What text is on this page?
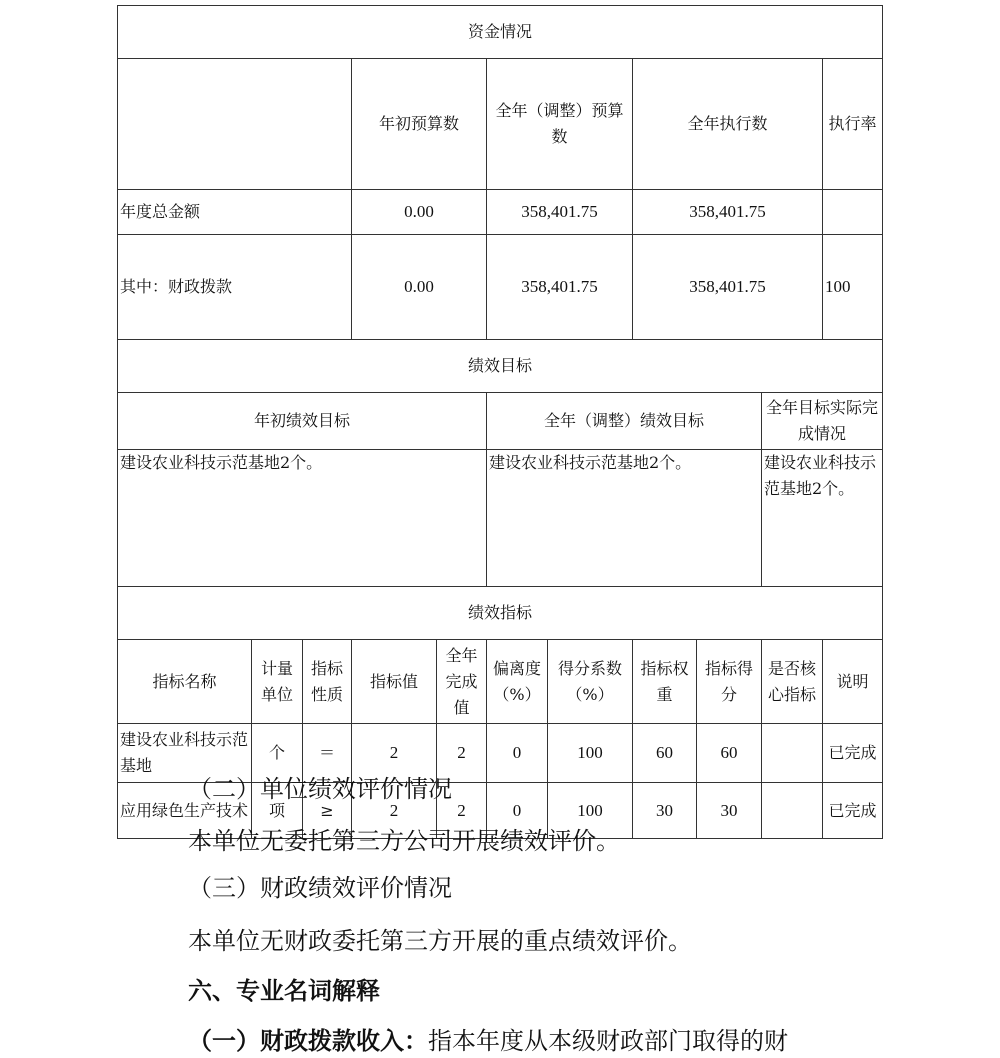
资金情况											
			年初预算数		全年（调整）预算数		全年执行数			执行率		
年度总金额			0.00		358,401.75		358,401.75				
其中：财政拨款			0.00		358,401.75		358,401.75			100		
绩效目标											
年初绩效目标					全年（调整）绩效目标				全年目标实际完成情况		
建设农业科技示范基地2个。					建设农业科技示范基地2个。				建设农业科技示范基地2个。		
绩效指标											
指标名称	计量单位	指标性质	指标值	全年完成值	偏离度（%）	得分系数（%）	指标权重	指标得分	是否核心指标	说明	
建设农业科技示范基地	个	＝	2	2	0	100	60	60		已完成	
应用绿色生产技术	项	≥	2	2	0	100	30	30		已完成	
（二）单位绩效评价情况
本单位无委托第三方公司开展绩效评价。
（三）财政绩效评价情况
本单位无财政委托第三方开展的重点绩效评价。
六、专业名词解释
（一）财政拨款收入：指本年度从本级财政部门取得的财
